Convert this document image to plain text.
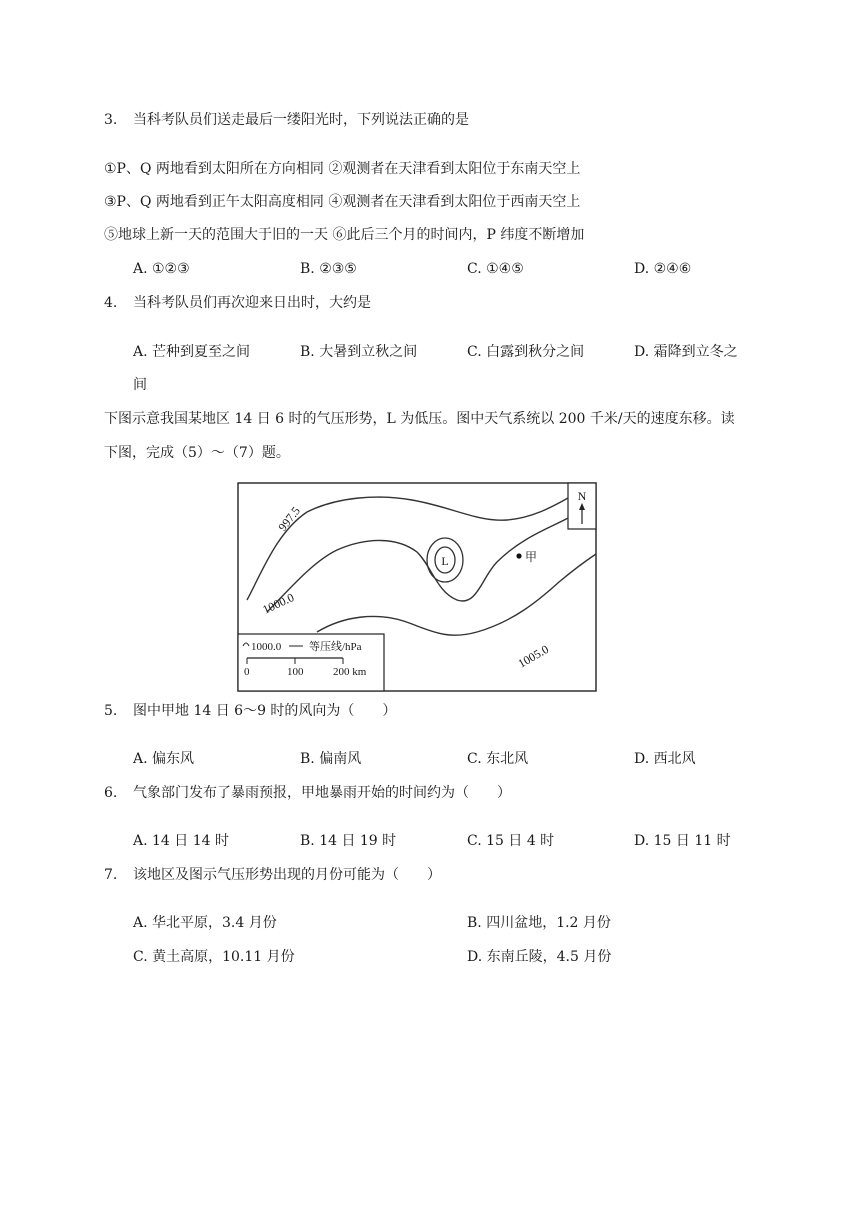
3. 当科考队员们送走最后一缕阳光时，下列说法正确的是
①P、Q 两地看到太阳所在方向相同 ②观测者在天津看到太阳位于东南天空上
③P、Q 两地看到正午太阳高度相同 ④观测者在天津看到太阳位于西南天空上
⑤地球上新一天的范围大于旧的一天 ⑥此后三个月的时间内，P 纬度不断增加
A. ①②③	B. ②③⑤	C. ①④⑤	D. ②④⑥
4. 当科考队员们再次迎来日出时，大约是
A. 芒种到夏至之间	B. 大暑到立秋之间	C. 白露到秋分之间	D. 霜降到立冬之
间
下图示意我国某地区 14 日 6 时的气压形势，L 为低压。图中天气系统以 200 千米/天的速度东移。读
下图，完成（5）～（7）题。
N
997.5
1000.0
1005.0
L	甲
1000.0	等压线/hPa
0	100	200 km
5. 图中甲地 14 日 6～9 时的风向为（　　）
A. 偏东风	B. 偏南风	C. 东北风	D. 西北风
6. 气象部门发布了暴雨预报，甲地暴雨开始的时间约为（　　）
A. 14 日 14 时	B. 14 日 19 时	C. 15 日 4 时	D. 15 日 11 时
7. 该地区及图示气压形势出现的月份可能为（　　）
A. 华北平原，3.4 月份	B. 四川盆地，1.2 月份
C. 黄土高原，10.11 月份	D. 东南丘陵，4.5 月份
